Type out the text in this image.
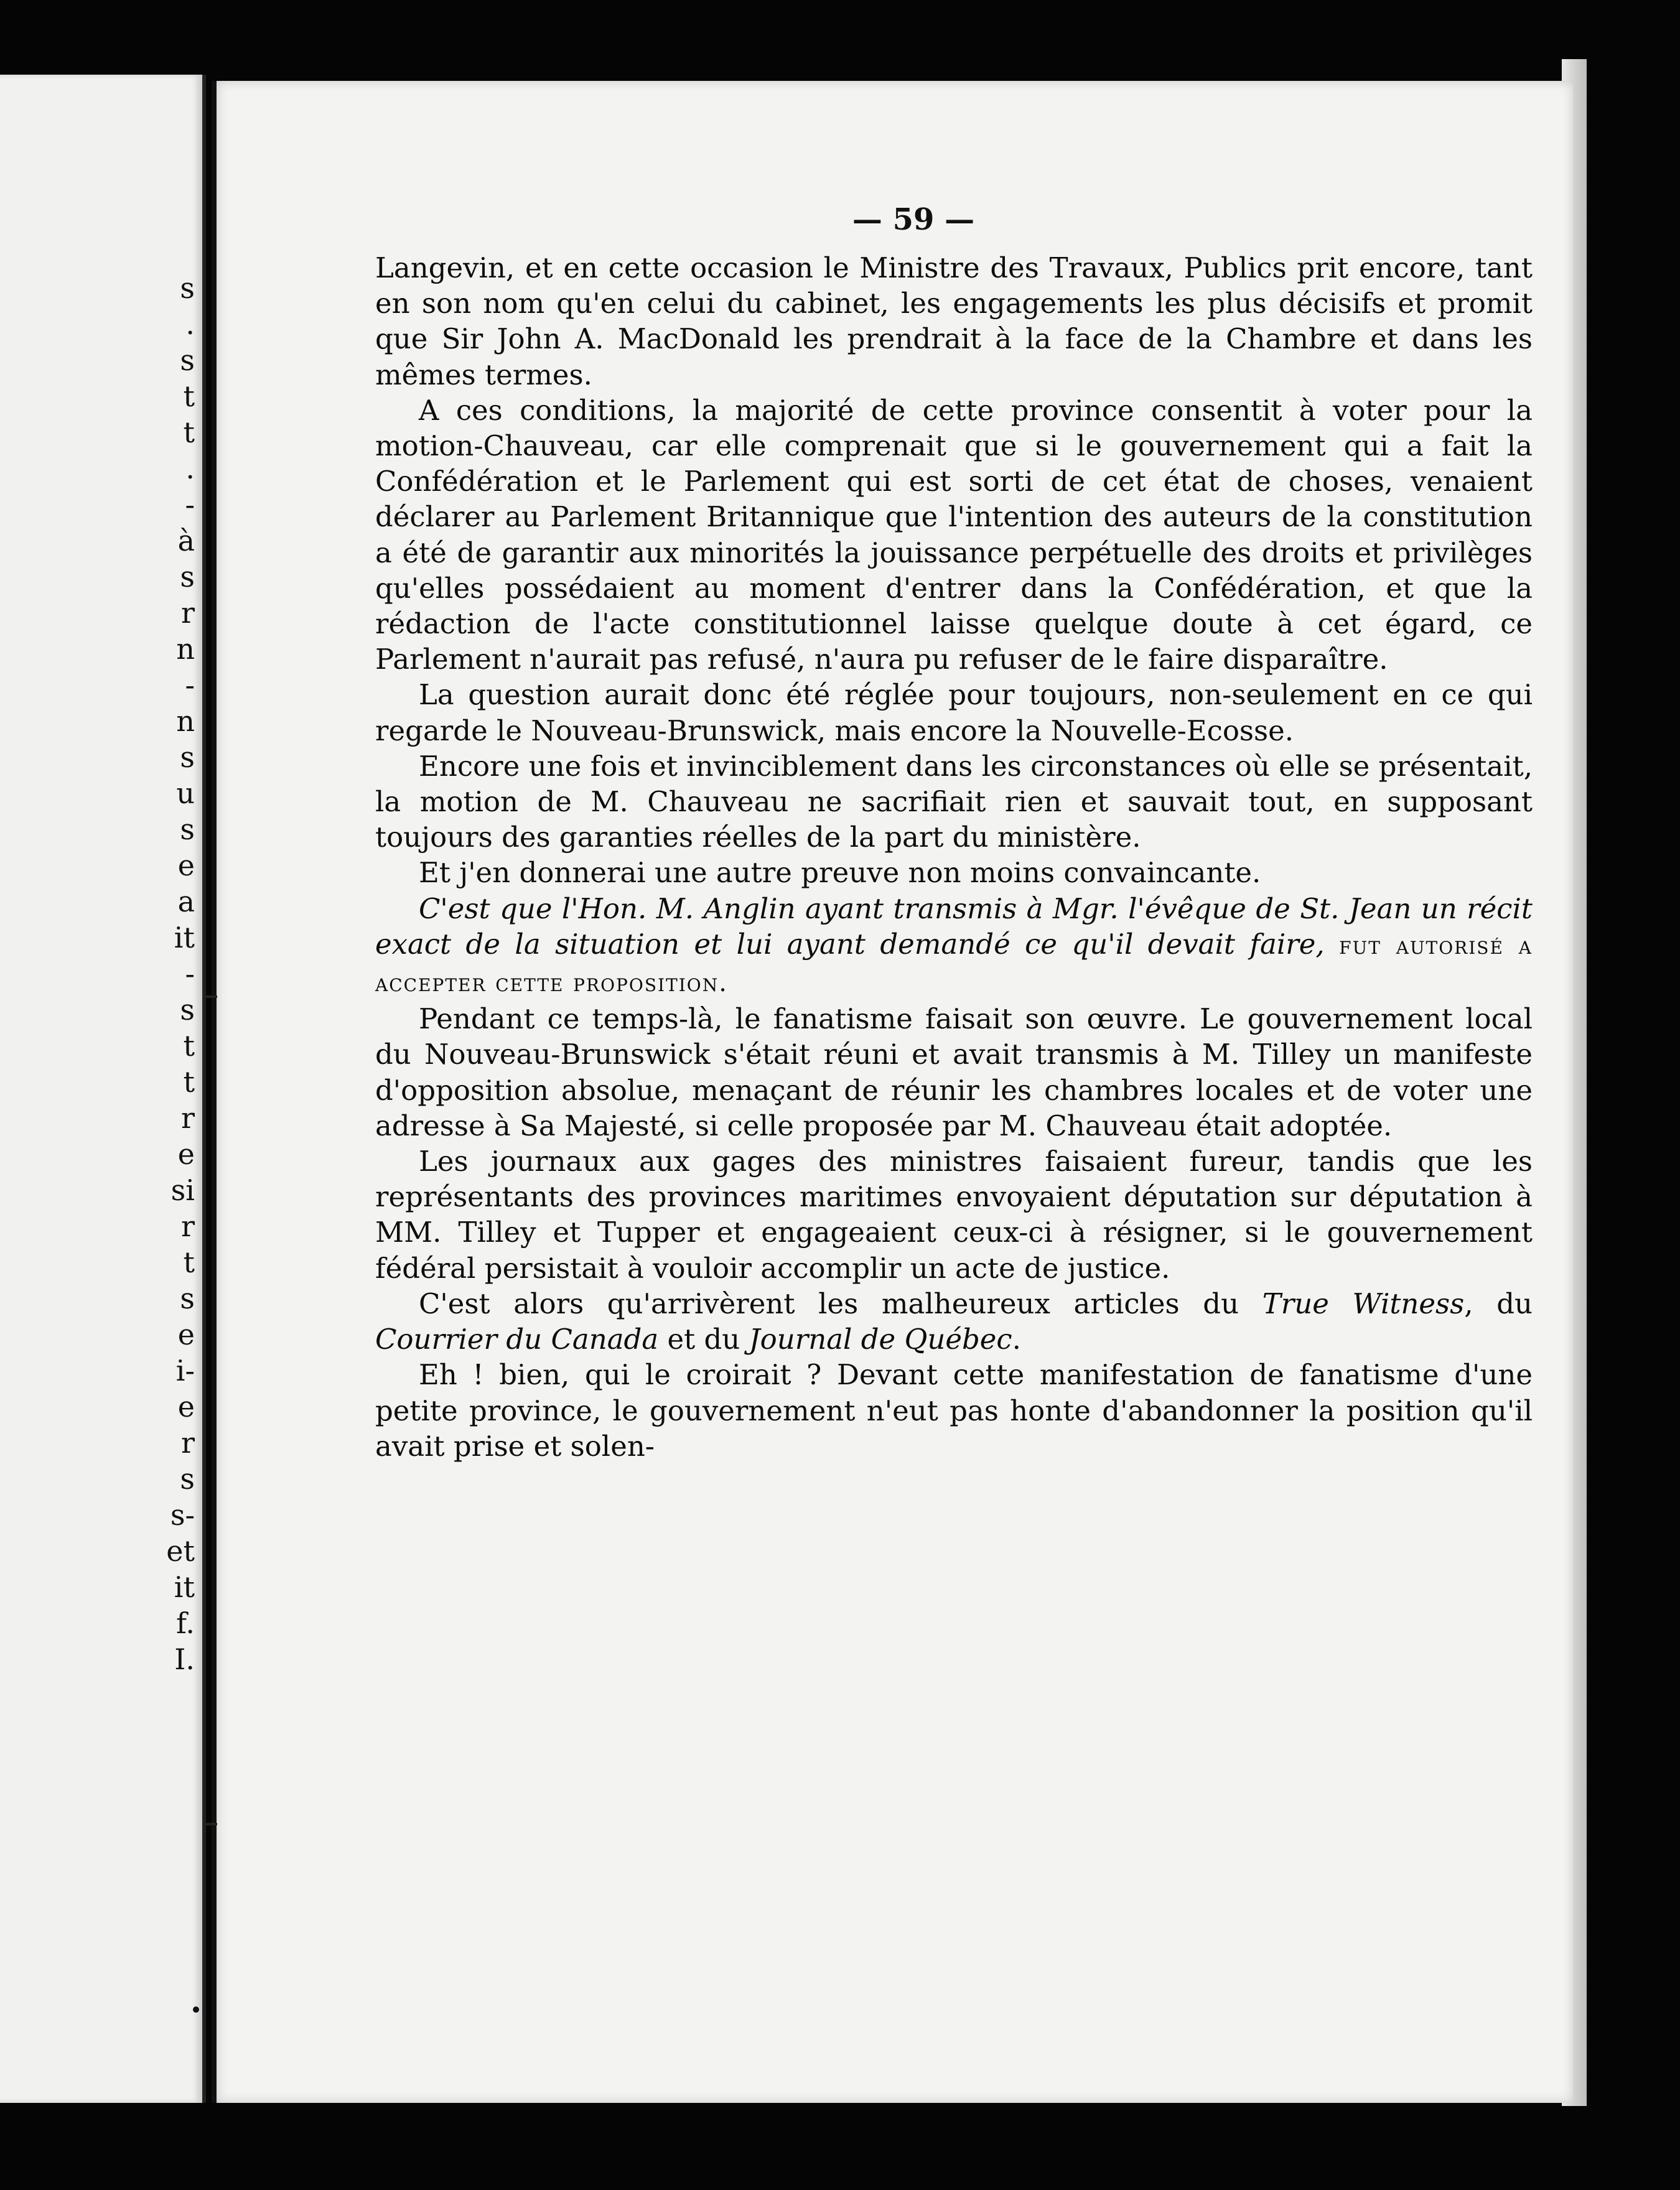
s
.
s
t
t
.
-
à
s
r
n
-
n
s
u
s
e
a
it
-
s
t
t
r
e
si
r
t
s
e
i-
e
r
s
s-
et
it
f.
I.
— 59 —

Langevin, et en cette occasion le Ministre des Travaux, Publics prit encore, tant en son nom qu'en celui du cabinet, les engagements les plus décisifs et promit que Sir John A. MacDonald les prendrait à la face de la Chambre et dans les mêmes termes.

A ces conditions, la majorité de cette province consentit à voter pour la motion-Chauveau, car elle comprenait que si le gouvernement qui a fait la Confédération et le Parlement qui est sorti de cet état de choses, venaient déclarer au Parlement Britannique que l'intention des auteurs de la constitution a été de garantir aux minorités la jouissance perpétuelle des droits et privilèges qu'elles possédaient au moment d'entrer dans la Confédération, et que la rédaction de l'acte constitutionnel laisse quelque doute à cet égard, ce Parlement n'aurait pas refusé, n'aura pu refuser de le faire disparaître.

La question aurait donc été réglée pour toujours, non-seulement en ce qui regarde le Nouveau-Brunswick, mais encore la Nouvelle-Ecosse.

Encore une fois et invinciblement dans les circonstances où elle se présentait, la motion de M. Chauveau ne sacrifiait rien et sauvait tout, en supposant toujours des garanties réelles de la part du ministère.

Et j'en donnerai une autre preuve non moins convaincante.

C'est que l'Hon. M. Anglin ayant transmis à Mgr. l'évêque de St. Jean un récit exact de la situation et lui ayant demandé ce qu'il devait faire, fut autorisé a accepter cette proposition.

Pendant ce temps-là, le fanatisme faisait son œuvre. Le gouvernement local du Nouveau-Brunswick s'était réuni et avait transmis à M. Tilley un manifeste d'opposition absolue, menaçant de réunir les chambres locales et de voter une adresse à Sa Majesté, si celle proposée par M. Chauveau était adoptée.

Les journaux aux gages des ministres faisaient fureur, tandis que les représentants des provinces maritimes envoyaient députation sur députation à MM. Tilley et Tupper et engageaient ceux-ci à résigner, si le gouvernement fédéral persistait à vouloir accomplir un acte de justice.

C'est alors qu'arrivèrent les malheureux articles du True Witness, du Courrier du Canada et du Journal de Québec.

Eh ! bien, qui le croirait ? Devant cette manifestation de fanatisme d'une petite province, le gouvernement n'eut pas honte d'abandonner la position qu'il avait prise et solen-
